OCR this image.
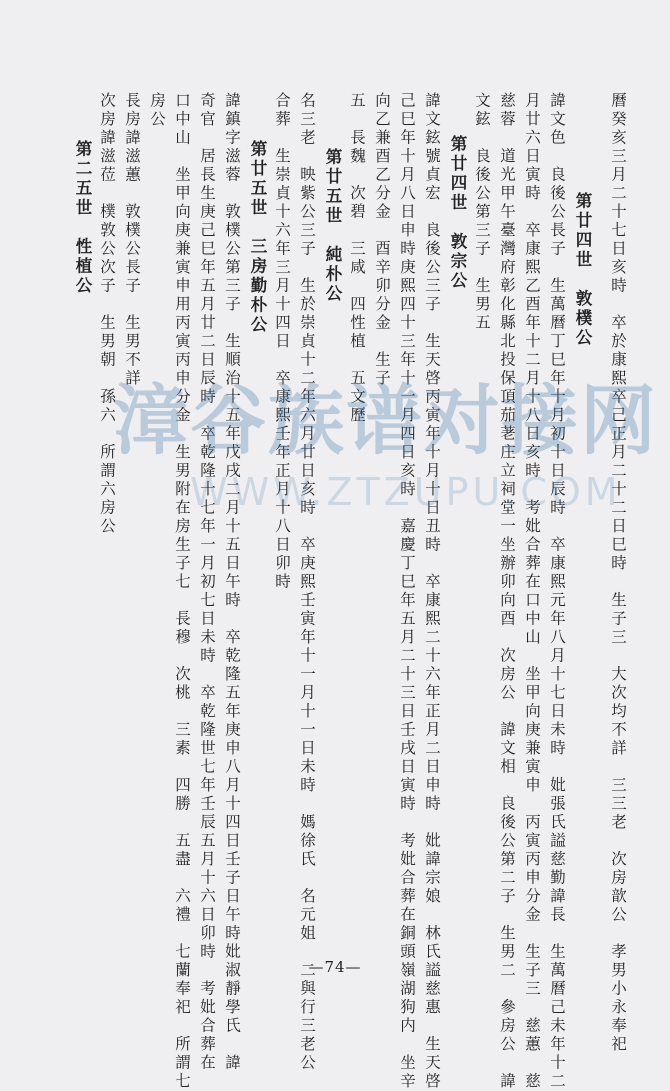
曆癸亥三月二十七日亥時　卒於康熙卒己正月二十二日巳時　生子三　大次均不詳　三三老　次房歆公　孝男小永奉祀
第廿四世　敦樸公
諱文色　良後公長子　生萬曆丁巳年十月初十日辰時　卒康熙元年八月十七日未時　妣張氏謚慈勤諱長　生萬曆己未年十二
月廿六日寅時　卒康熙乙酉年十二月十八日亥時　考妣合葬在口中山　坐甲向庚兼寅申　丙寅丙申分金　生子三　慈蕙　慈
慈蓉　道光甲午臺灣府彰化縣北投保頂茄荖庄立祠堂一坐辦卯向酉　次房公　諱文相　良後公第二子　生男二　參房公　諱
文鉉　良後公第三子　生男五
第廿四世　敦宗公
諱文鉉號貞宏　良後公三子　生天啓丙寅年十月十日丑時　卒康熙二十六年正月二日申時　妣諱宗娘　林氏謚慈惠　生天啓
己巳年十月八日申時庚熙四十三年十一月四日亥時　嘉慶丁巳年五月二十三日壬戌日寅時　考妣合葬在銅頭嶺湖狗内　坐辛
向乙兼酉乙分金　酉辛卯分金　生子
五　長魏　次碧　三咸　四性植　五文歷
第廿五世　純朴公
名三老　映紫公三子　生於崇貞十二年六月廿日亥時　卒庚熙壬寅年十一月十一日未時　媽徐氏　名元姐　二與行三老公
合葬　生崇貞十六年三月十四日　卒康熙壬年正月十八日卯時
第廿五世　三房勤朴公
諱鎮字滋蓉　敦樸公第三子　生順治十五年戊戌二月十五日午時　卒乾隆五年庚申八月十四日壬子日午時妣淑靜學氏　諱
奇官　居長生庚己巳年五月廿二日辰時　卒乾隆十七年一月初七日未時　卒乾隆世七年壬辰五月十六日卯時　考妣合葬在
口中山　坐甲向庚兼寅申用丙寅丙申分金　生男附在房生子七　長穆　次桃　三素　四勝　五盡　六禮　七蘭奉祀　所謂七
房公
長房諱滋蕙　敦樸公長子　生男不詳
次房諱滋莅　樸敦公次子　生男朝　孫六　所謂六房公
第二五世　性植公
漳谷族谱对接网
WWW.ZTZUPU.COM
—74—
